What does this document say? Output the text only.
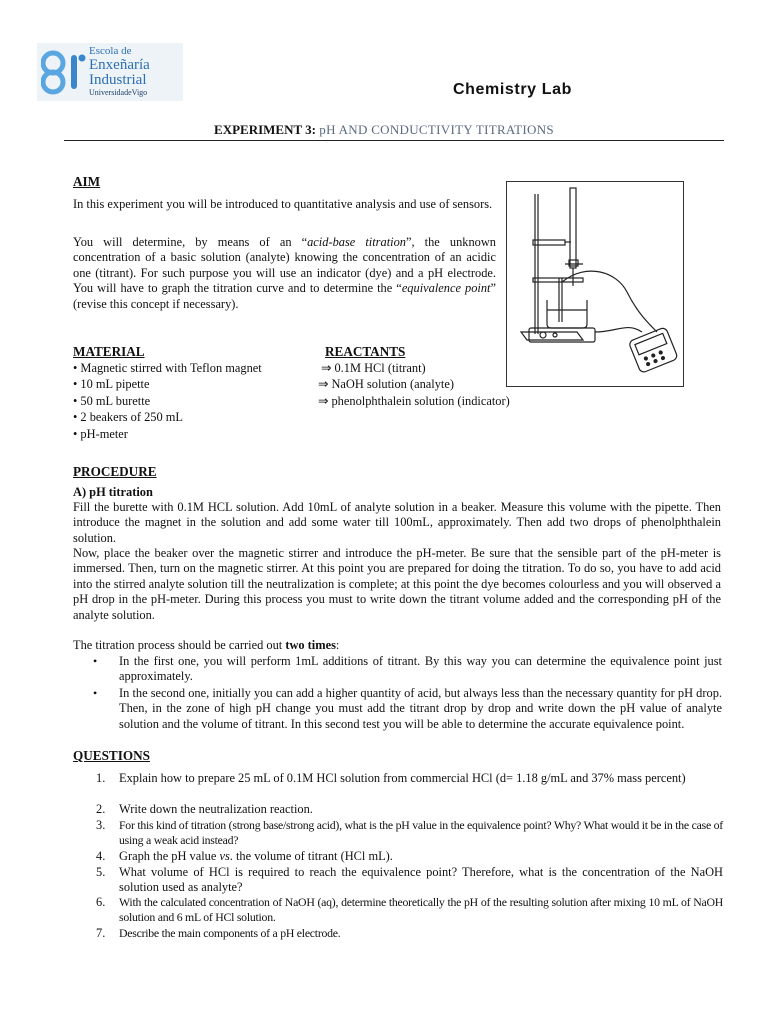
Escola de
Enxeñaría
Industrial
UniversidadeVigo	Chemistry Lab
EXPERIMENT 3: pH AND CONDUCTIVITY TITRATIONS
AIM
In this experiment you will be introduced to quantitative analysis and use of sensors.
You will determine, by means of an “acid-base titration”, the unknown concentration of a basic solution (analyte) knowing the concentration of an acidic one (titrant). For such purpose you will use an indicator (dye) and a pH electrode. You will have to graph the titration curve and to determine the “equivalence point” (revise this concept if necessary).
MATERIAL	REACTANTS
• Magnetic stirred with Teflon magnet
• 10 mL pipette
• 50 mL burette
• 2 beakers of 250 mL
• pH-meter
⇒ 0.1M HCl (titrant)
⇒ NaOH solution (analyte)
⇒ phenolphthalein solution (indicator)
PROCEDURE
A) pH titration
Fill the burette with 0.1M HCL solution. Add 10mL of analyte solution in a beaker. Measure this volume with the pipette. Then introduce the magnet in the solution and add some water till 100mL, approximately. Then add two drops of phenolphthalein solution.
Now, place the beaker over the magnetic stirrer and introduce the pH-meter. Be sure that the sensible part of the pH-meter is immersed. Then, turn on the magnetic stirrer. At this point you are prepared for doing the titration. To do so, you have to add acid into the stirred analyte solution till the neutralization is complete; at this point the dye becomes colourless and you will observed a pH drop in the pH-meter. During this process you must to write down the titrant volume added and the corresponding pH of the analyte solution.
The titration process should be carried out two times:
• In the first one, you will perform 1mL additions of titrant. By this way you can determine the equivalence point just approximately.
• In the second one, initially you can add a higher quantity of acid, but always less than the necessary quantity for pH drop. Then, in the zone of high pH change you must add the titrant drop by drop and write down the pH value of analyte solution and the volume of titrant. In this second test you will be able to determine the accurate equivalence point.
QUESTIONS
1. Explain how to prepare 25 mL of 0.1M HCl solution from commercial HCl (d= 1.18 g/mL and 37% mass percent)
2. Write down the neutralization reaction.
3. For this kind of titration (strong base/strong acid), what is the pH value in the equivalence point? Why? What would it be in the case of using a weak acid instead?
4. Graph the pH value vs. the volume of titrant (HCl mL).
5. What volume of HCl is required to reach the equivalence point? Therefore, what is the concentration of the NaOH solution used as analyte?
6. With the calculated concentration of NaOH (aq), determine theoretically the pH of the resulting solution after mixing 10 mL of NaOH solution and 6 mL of HCl solution.
7. Describe the main components of a pH electrode.
